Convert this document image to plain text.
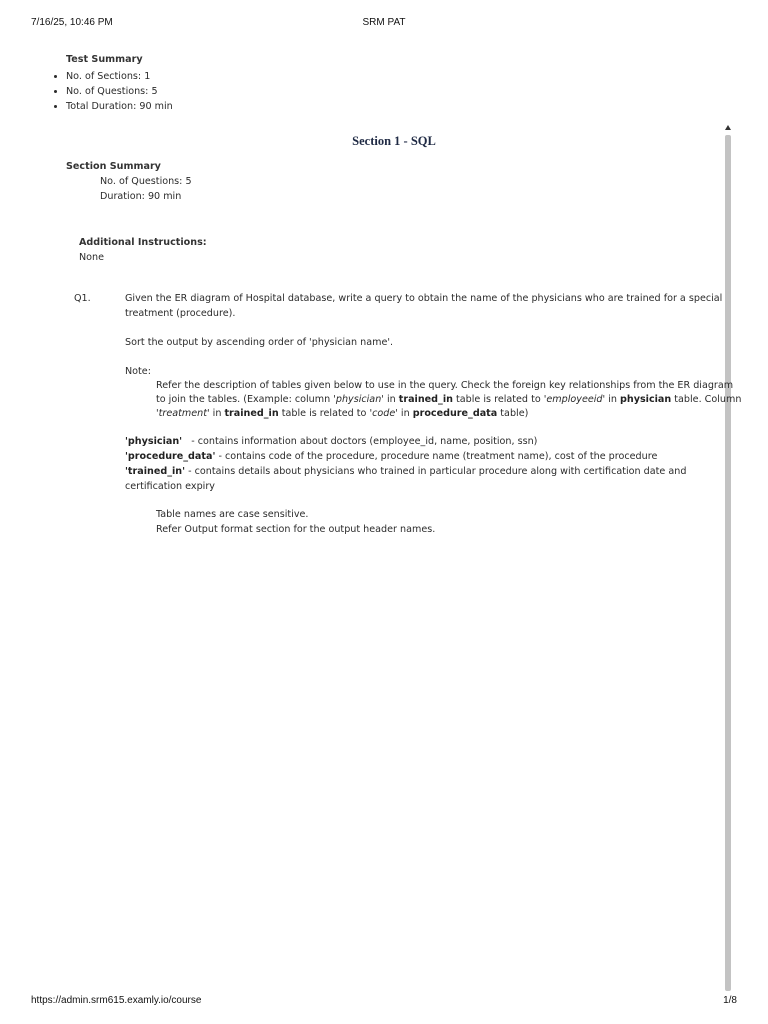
7/16/25, 10:46 PM	SRM PAT
Test Summary
• No. of Sections: 1
• No. of Questions: 5
• Total Duration: 90 min
Section 1 - SQL
Section Summary
No. of Questions: 5
Duration: 90 min
Additional Instructions:
None
Q1.	Given the ER diagram of Hospital database, write a query to obtain the name of the physicians who are trained for a special
treatment (procedure).
Sort the output by ascending order of 'physician name'.
Note:
Refer the description of tables given below to use in the query. Check the foreign key relationships from the ER diagram
to join the tables. (Example: column 'physician' in trained_in table is related to 'employeeid' in physician table. Column
'treatment' in trained_in table is related to 'code' in procedure_data table)
'physician'   - contains information about doctors (employee_id, name, position, ssn)
'procedure_data' - contains code of the procedure, procedure name (treatment name), cost of the procedure
'trained_in' - contains details about physicians who trained in particular procedure along with certification date and
certification expiry
Table names are case sensitive.
Refer Output format section for the output header names.
https://admin.srm615.examly.io/course	1/8
